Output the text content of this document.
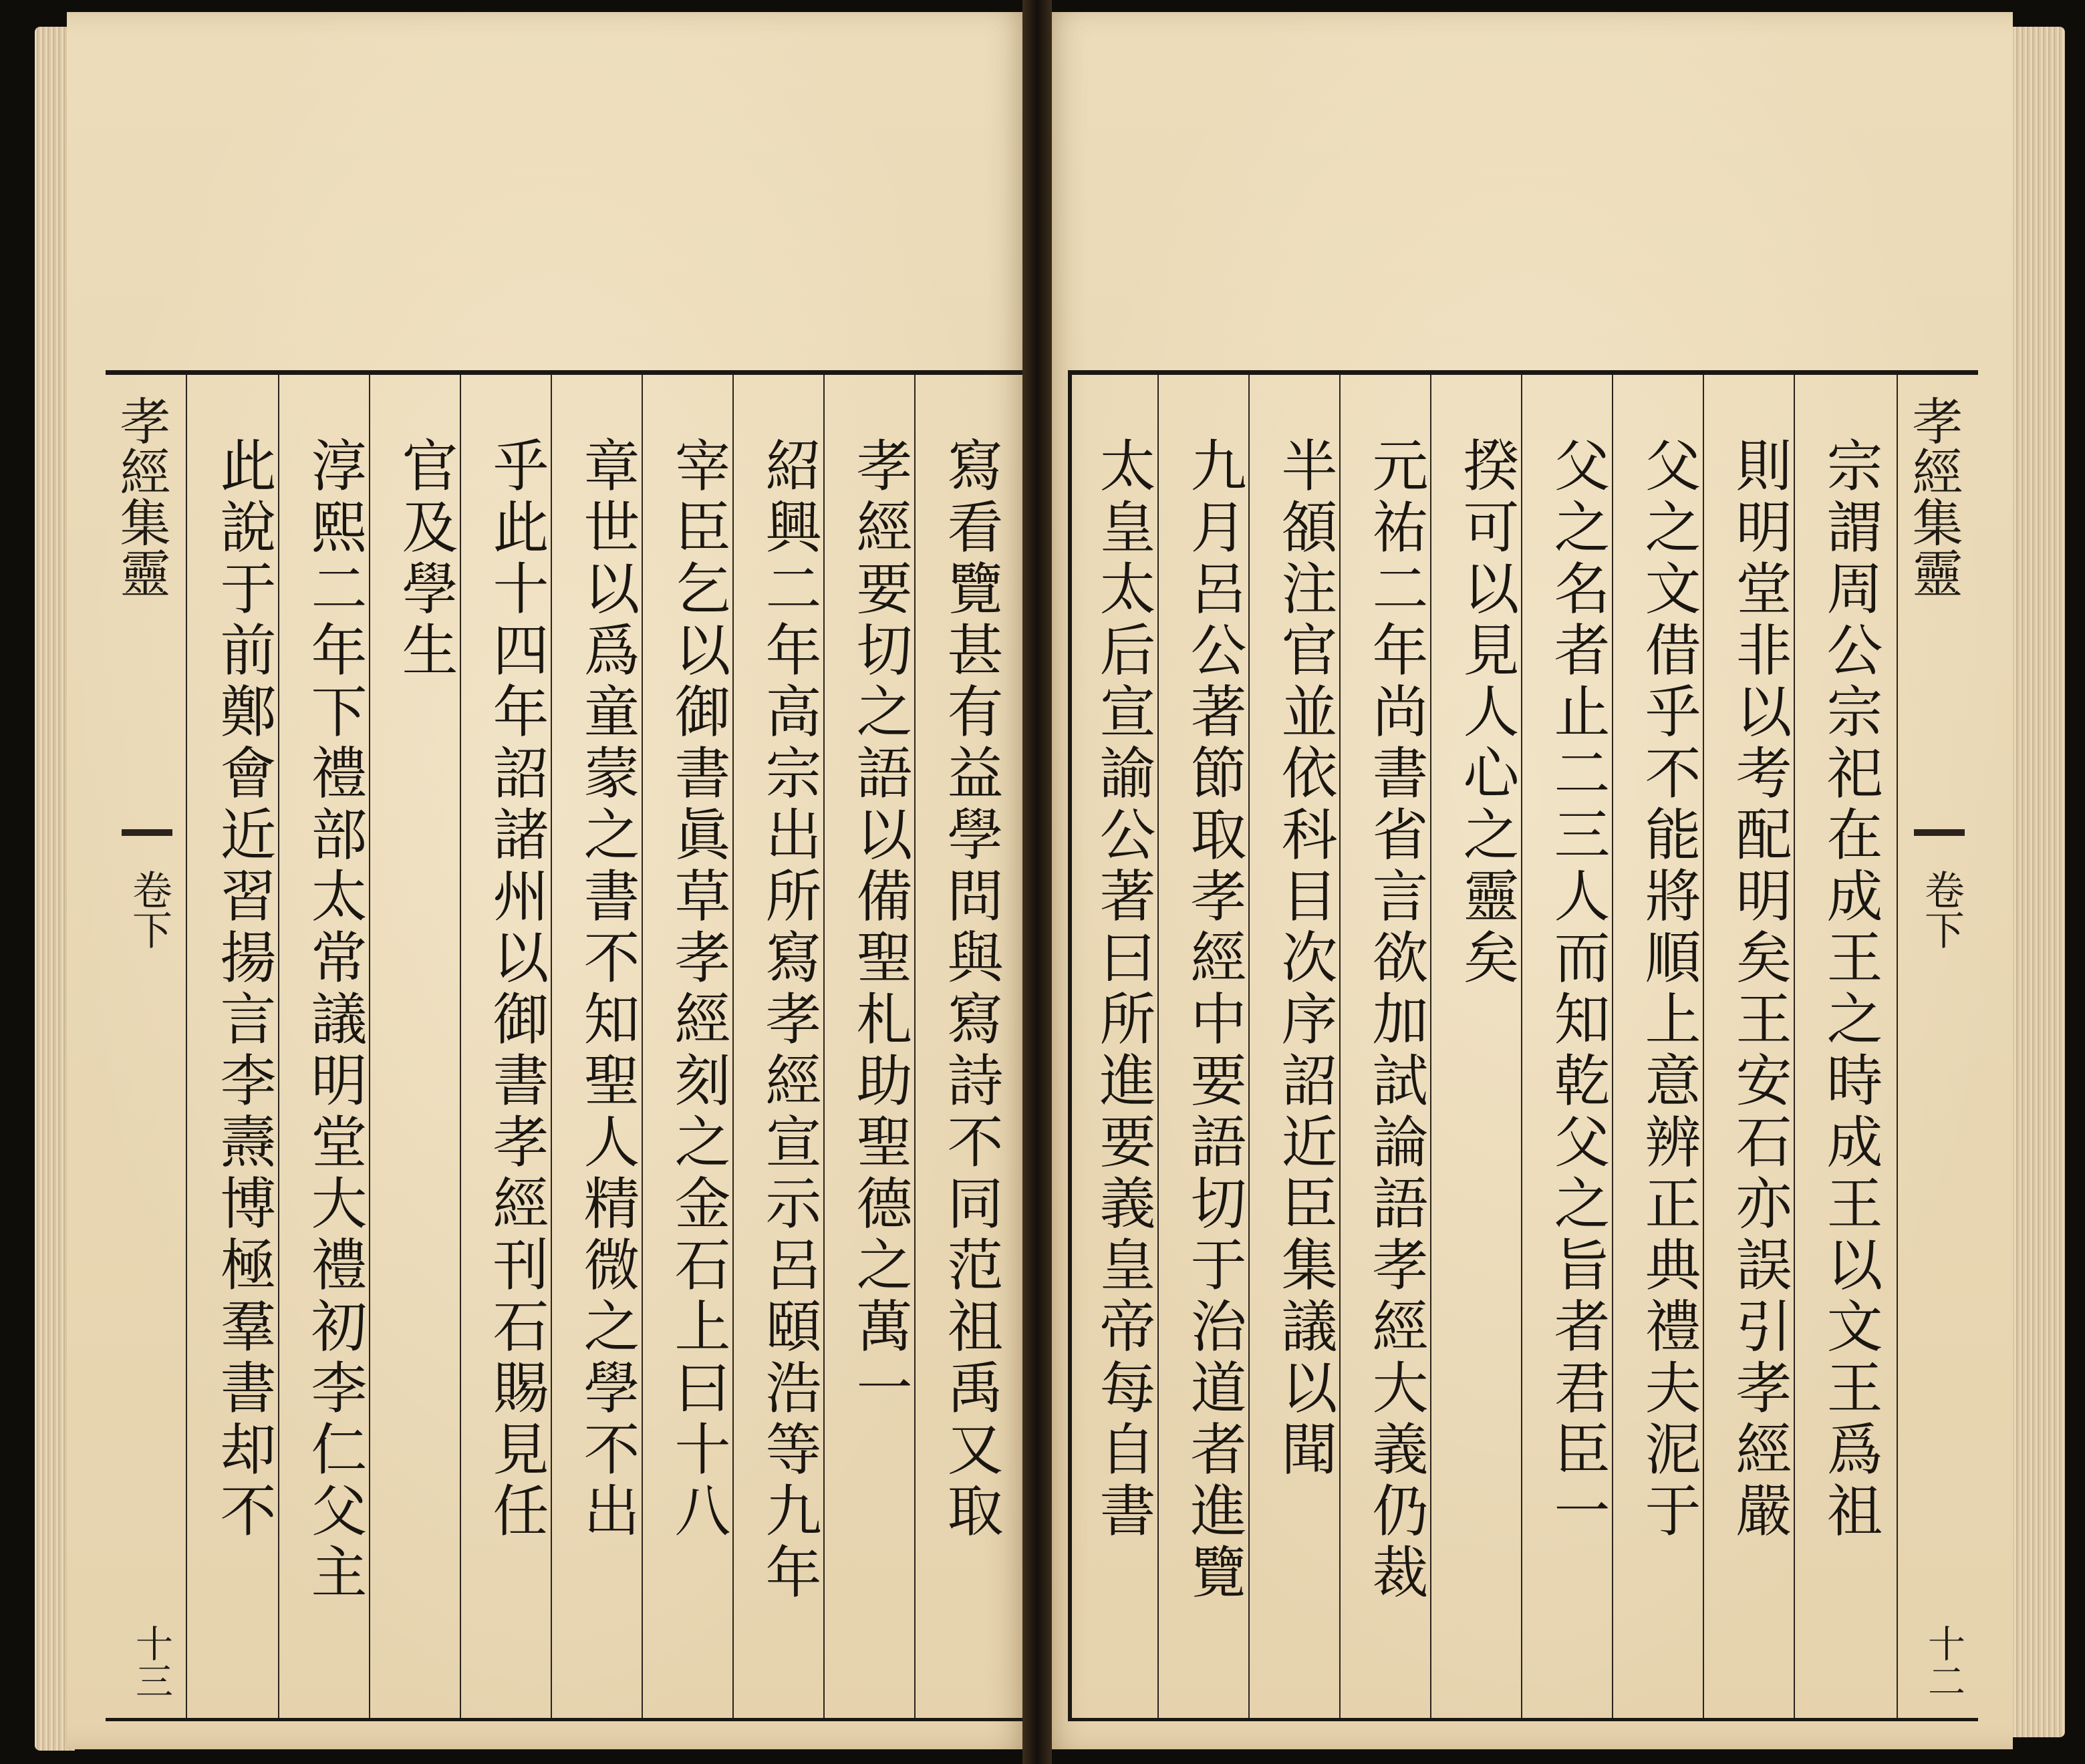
孝經集靈
卷下
十三
寫看覽甚有益學問與寫詩不同范祖禹又取
孝經要切之語以備聖札助聖德之萬一
紹興二年高宗出所寫孝經宣示呂頤浩等九年
宰臣乞以御書眞草孝經刻之金石上曰十八
章世以爲童蒙之書不知聖人精微之學不出
乎此十四年詔諸州以御書孝經刊石賜見任
官及學生
淳熙二年下禮部太常議明堂大禮初李仁父主
此說于前鄭會近習揚言李燾博極羣書却不	孝經集靈
卷下
十二
宗謂周公宗祀在成王之時成王以文王爲祖
則明堂非以考配明矣王安石亦誤引孝經嚴
父之文借乎不能將順上意辨正典禮夫泥于
父之名者止二三人而知乾父之旨者君臣一
揆可以見人心之靈矣
元祐二年尚書省言欲加試論語孝經大義仍裁
半頟注官並依科目次序詔近臣集議以聞
九月呂公著節取孝經中要語切于治道者進覽
太皇太后宣諭公著曰所進要義皇帝每自書
